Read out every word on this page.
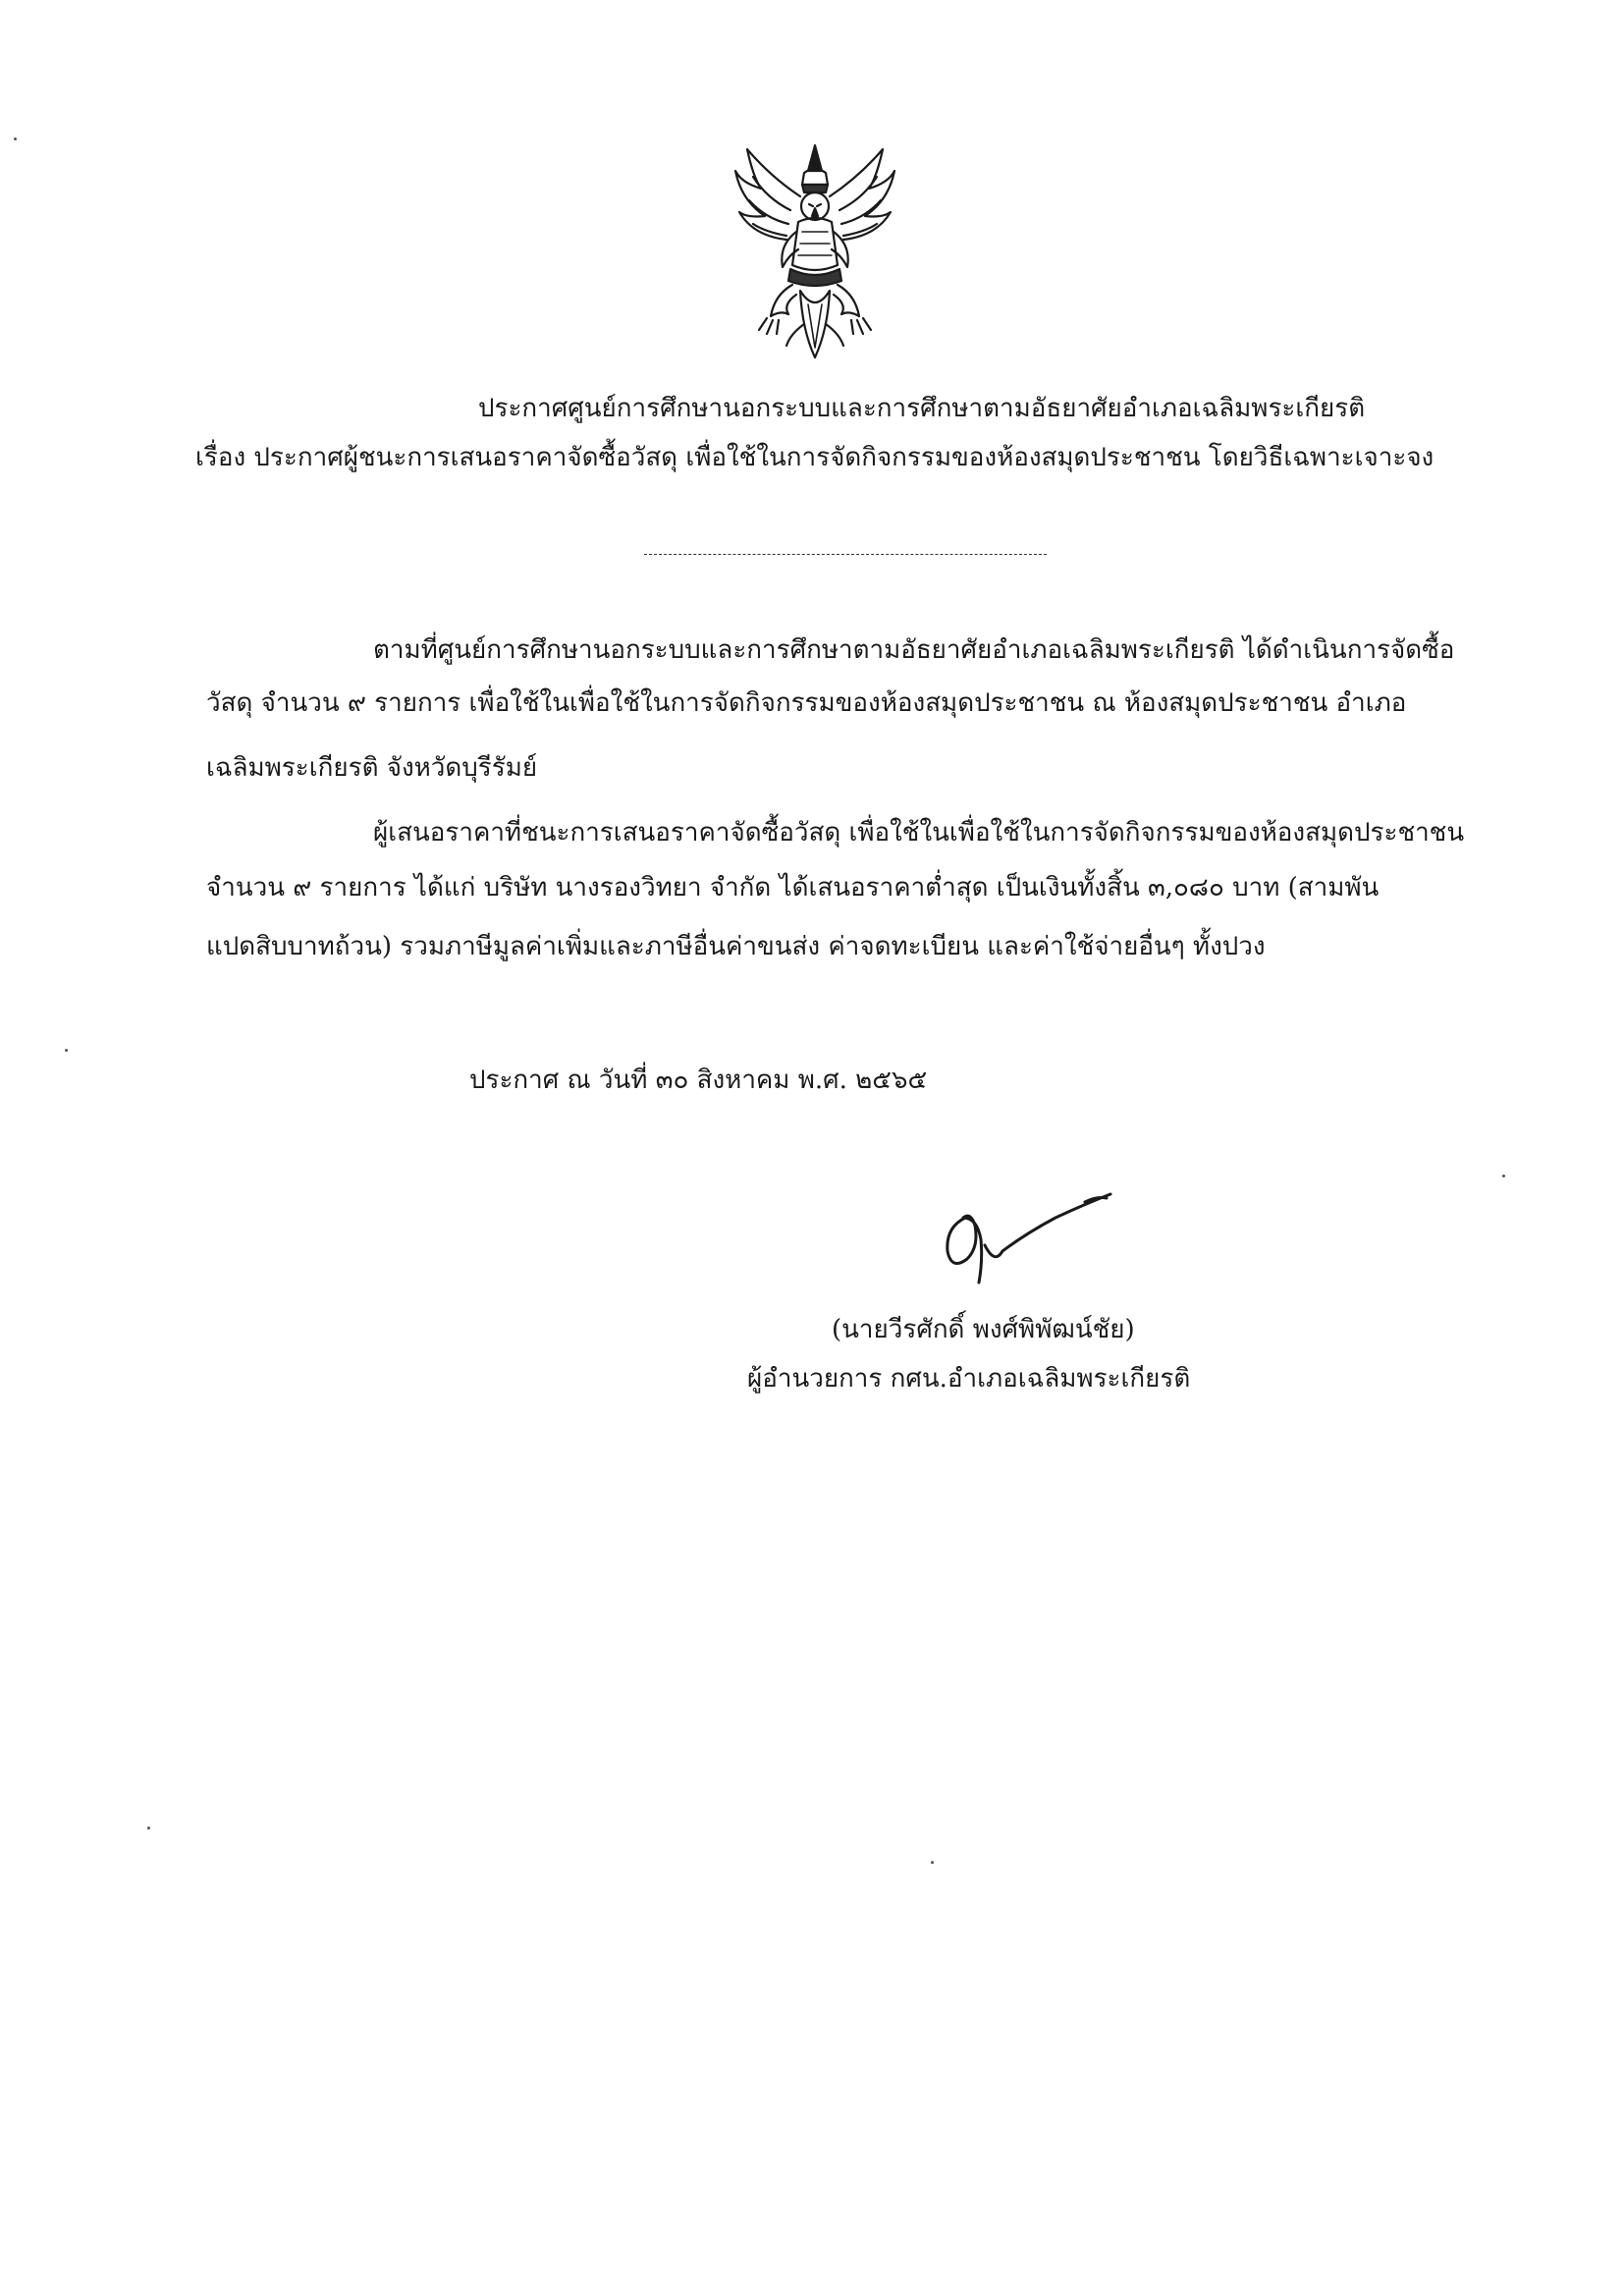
ประกาศศูนย์การศึกษานอกระบบและการศึกษาตามอัธยาศัยอำเภอเฉลิมพระเกียรติ
เรื่อง ประกาศผู้ชนะการเสนอราคาจัดซื้อวัสดุ เพื่อใช้ในการจัดกิจกรรมของห้องสมุดประชาชน โดยวิธีเฉพาะเจาะจง
ตามที่ศูนย์การศึกษานอกระบบและการศึกษาตามอัธยาศัยอำเภอเฉลิมพระเกียรติ ได้ดำเนินการจัดซื้อ
วัสดุ จำนวน ๙ รายการ เพื่อใช้ในเพื่อใช้ในการจัดกิจกรรมของห้องสมุดประชาชน ณ ห้องสมุดประชาชน อำเภอ
เฉลิมพระเกียรติ จังหวัดบุรีรัมย์
ผู้เสนอราคาที่ชนะการเสนอราคาจัดซื้อวัสดุ เพื่อใช้ในเพื่อใช้ในการจัดกิจกรรมของห้องสมุดประชาชน
จำนวน ๙ รายการ ได้แก่ บริษัท นางรองวิทยา จำกัด ได้เสนอราคาต่ำสุด เป็นเงินทั้งสิ้น ๓,๐๘๐ บาท (สามพัน
แปดสิบบาทถ้วน) รวมภาษีมูลค่าเพิ่มและภาษีอื่นค่าขนส่ง ค่าจดทะเบียน และค่าใช้จ่ายอื่นๆ ทั้งปวง
ประกาศ ณ วันที่ ๓๐ สิงหาคม พ.ศ. ๒๕๖๕
(นายวีรศักดิ์ พงศ์พิพัฒน์ชัย)
ผู้อำนวยการ กศน.อำเภอเฉลิมพระเกียรติ
